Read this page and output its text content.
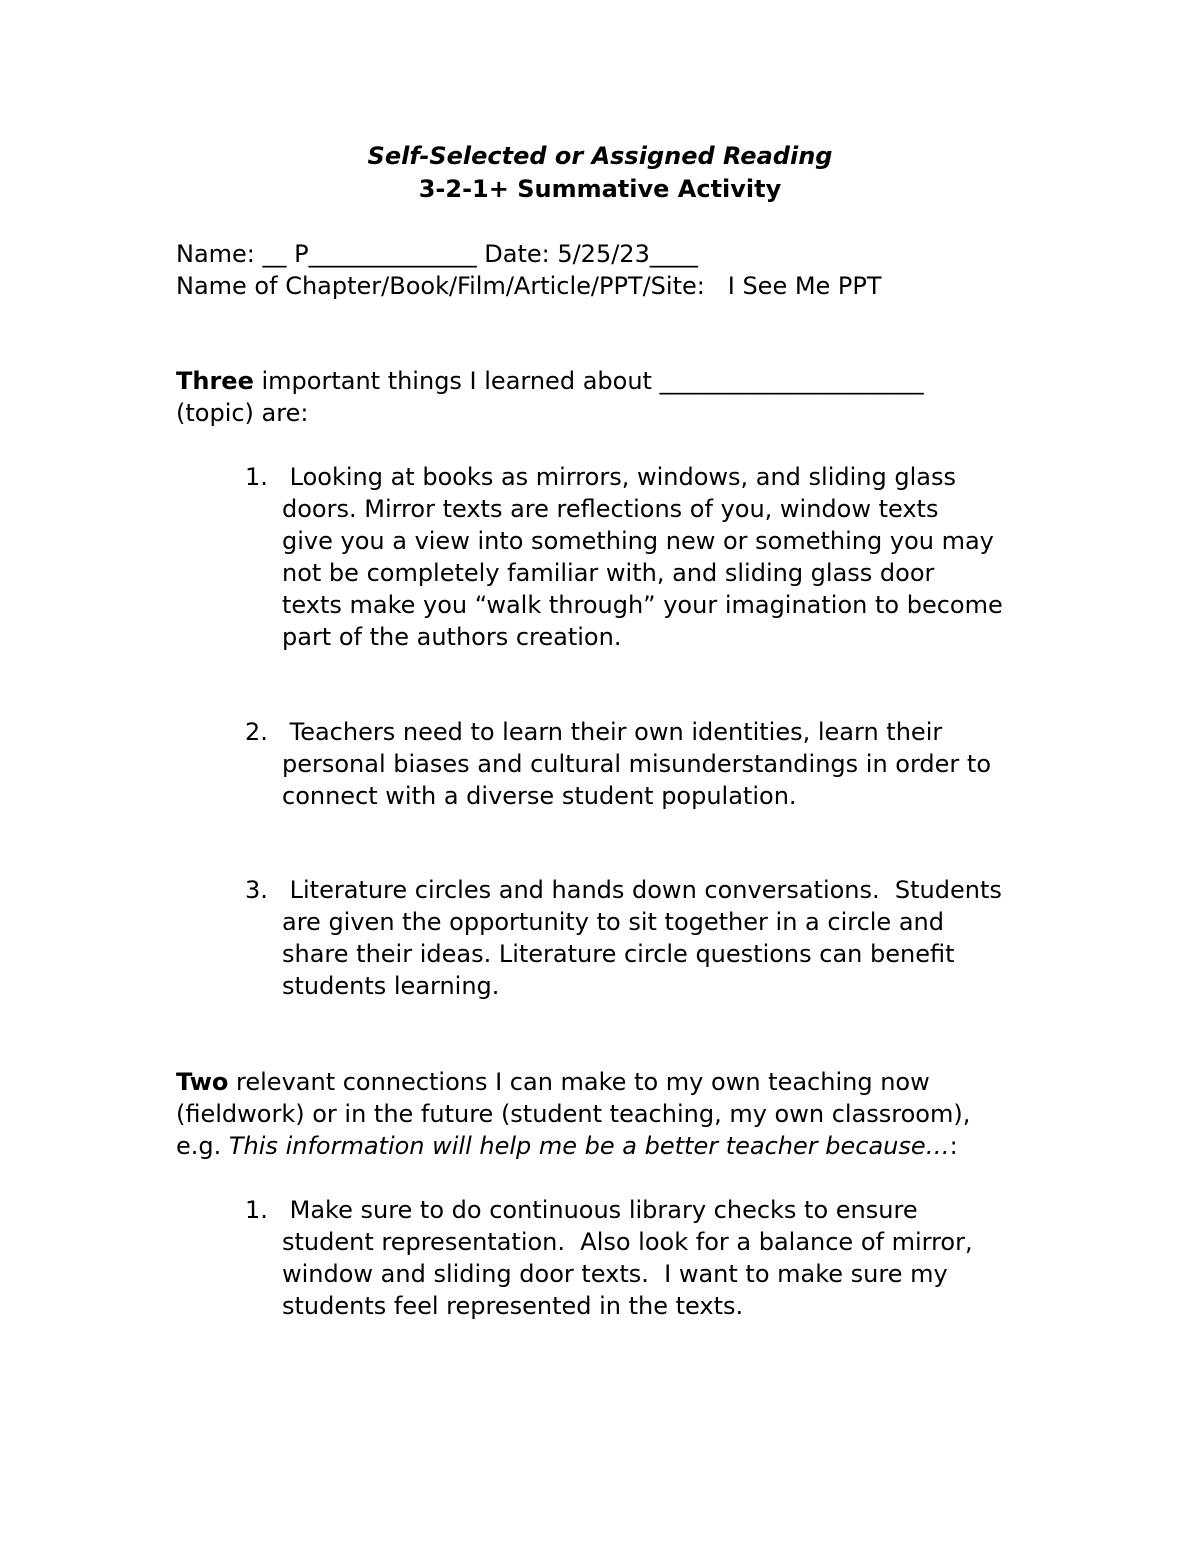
Self-Selected or Assigned Reading
3-2-1+ Summative Activity
Name: __ P______________ Date: 5/25/23____
Name of Chapter/Book/Film/Article/PPT/Site:   I See Me PPT
Three important things I learned about ______________________
(topic) are:
1. Looking at books as mirrors, windows, and sliding glass
doors. Mirror texts are reflections of you, window texts
give you a view into something new or something you may
not be completely familiar with, and sliding glass door
texts make you “walk through” your imagination to become
part of the authors creation.
2. Teachers need to learn their own identities, learn their
personal biases and cultural misunderstandings in order to
connect with a diverse student population.
3. Literature circles and hands down conversations.  Students
are given the opportunity to sit together in a circle and
share their ideas. Literature circle questions can benefit
students learning.
Two relevant connections I can make to my own teaching now
(fieldwork) or in the future (student teaching, my own classroom),
e.g. This information will help me be a better teacher because…:
1. Make sure to do continuous library checks to ensure
student representation.  Also look for a balance of mirror,
window and sliding door texts.  I want to make sure my
students feel represented in the texts.
